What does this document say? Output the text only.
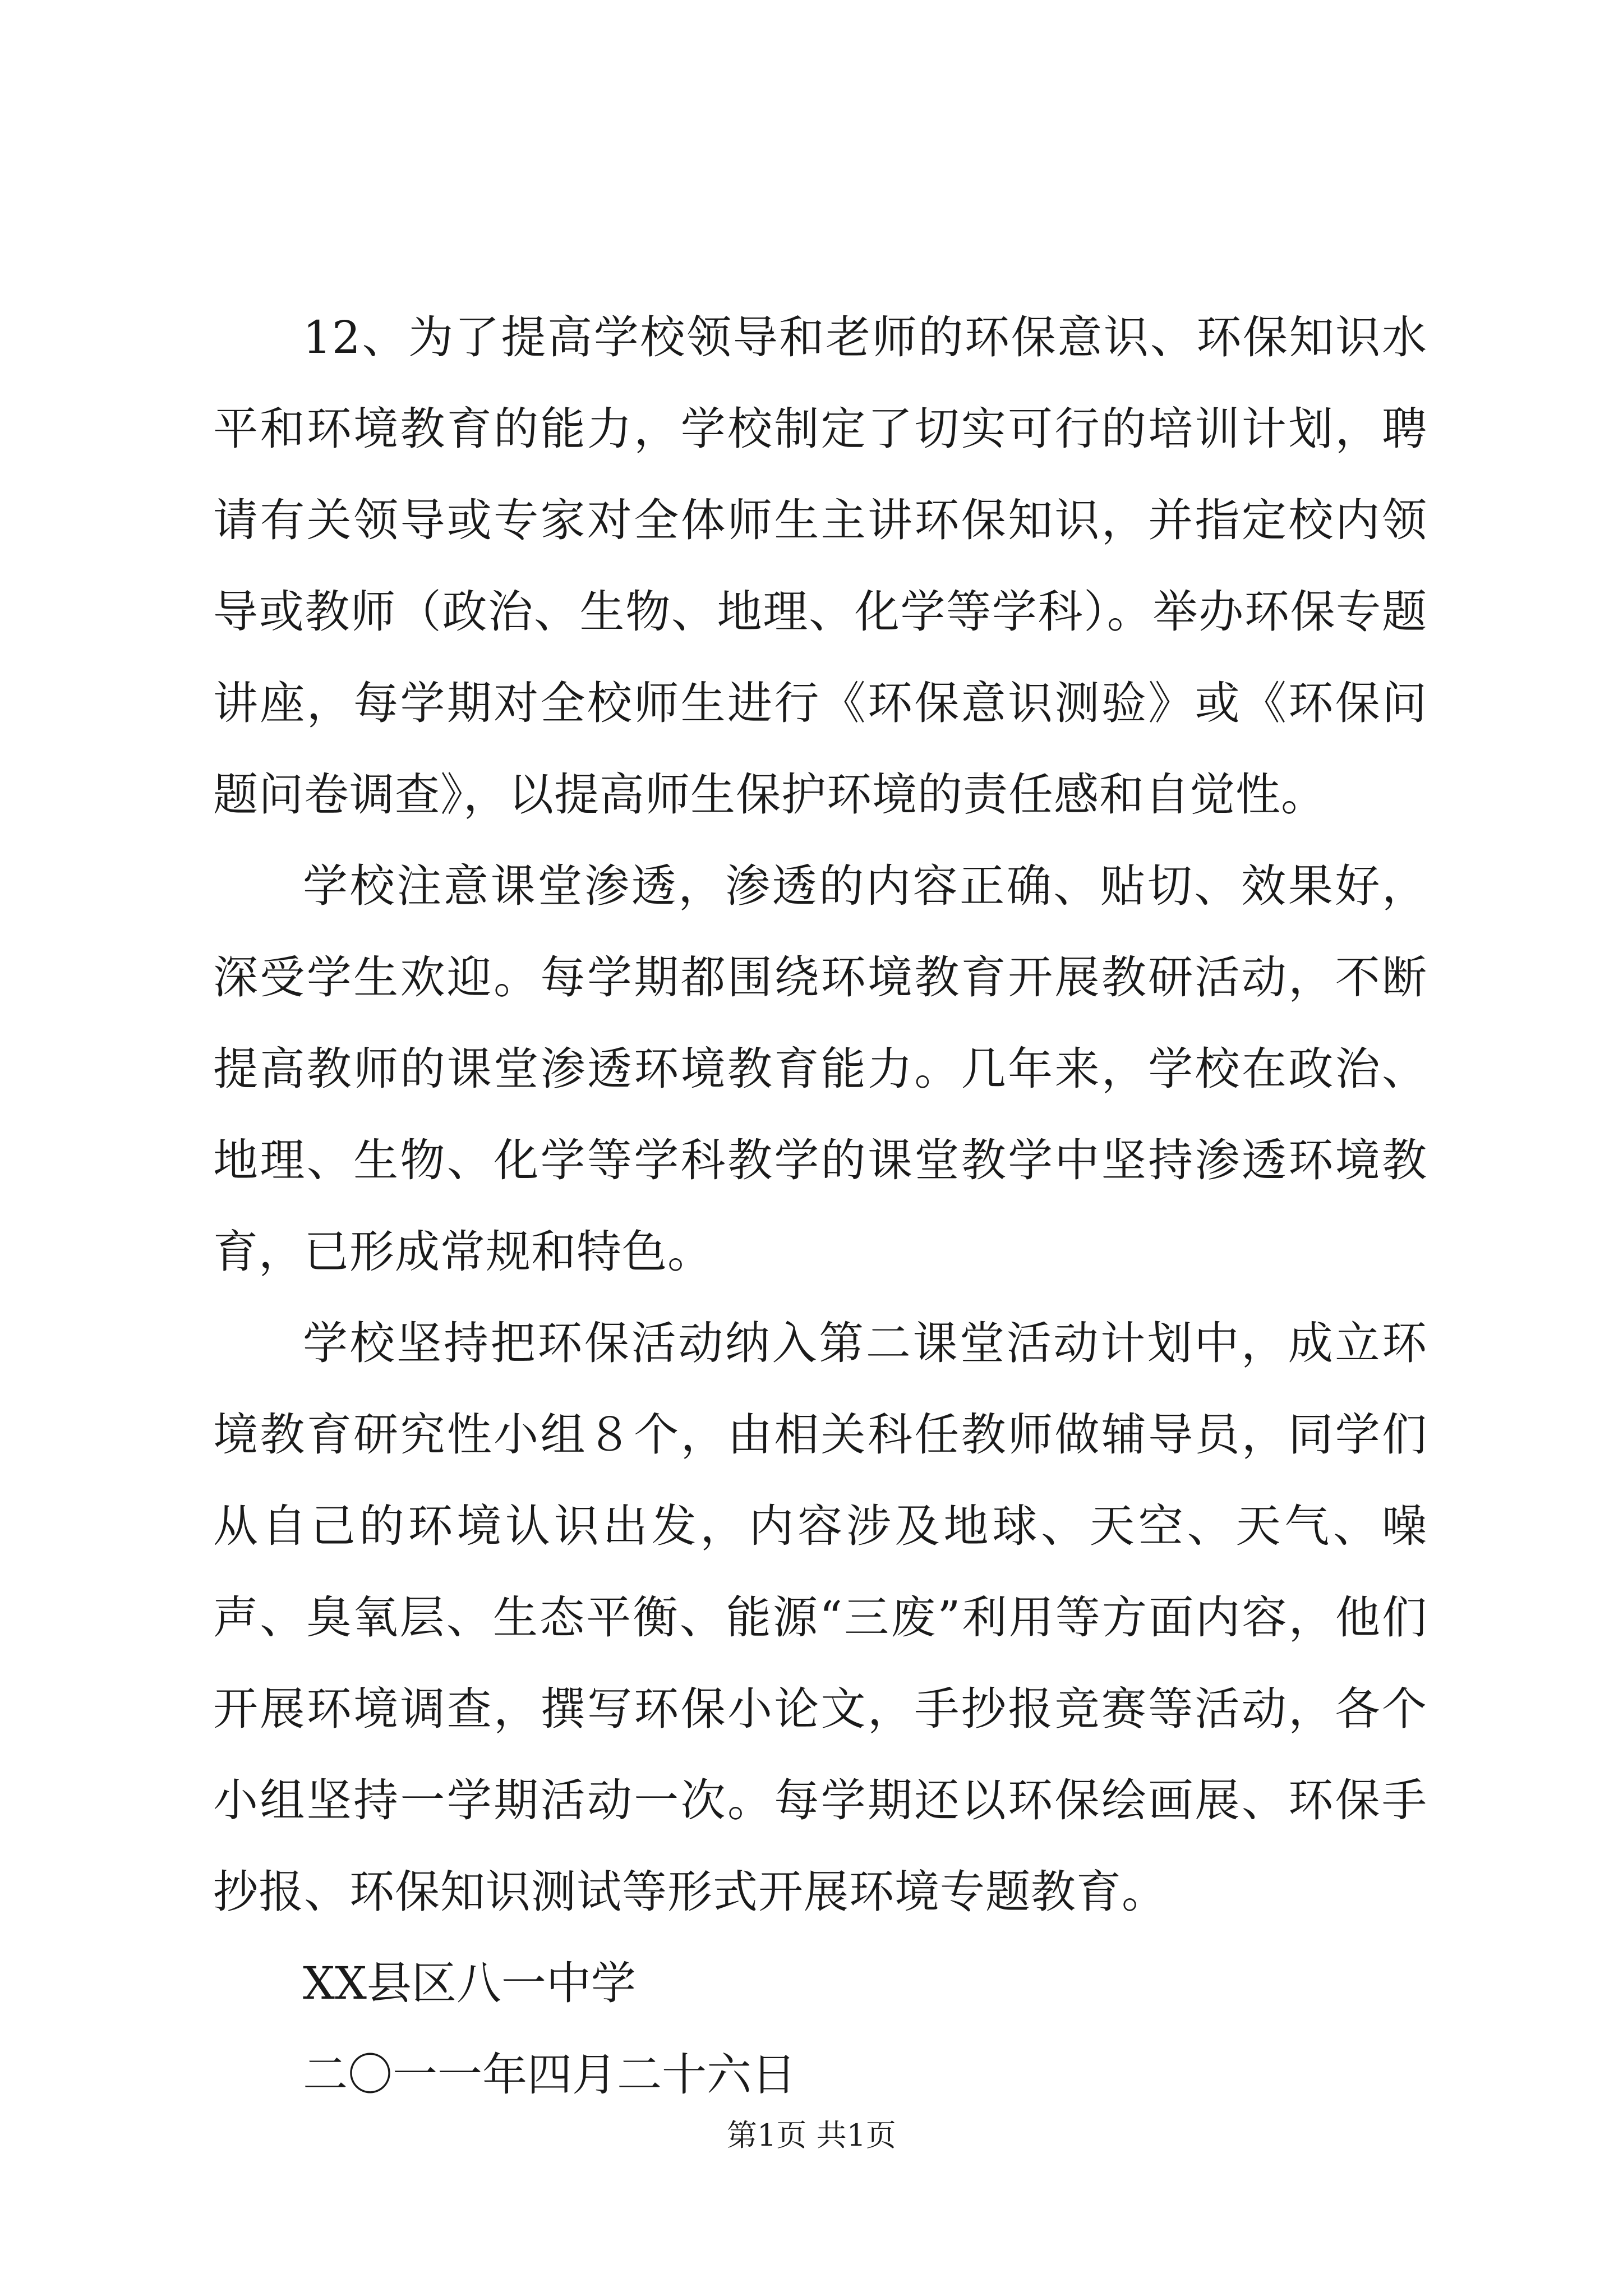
12、为了提高学校领导和老师的环保意识、环保知识水平和环境教育的能力，学校制定了切实可行的培训计划，聘请有关领导或专家对全体师生主讲环保知识，并指定校内领导或教师（政治、生物、地理、化学等学科）。举办环保专题讲座，每学期对全校师生进行《环保意识测验》或《环保问题问卷调查》，以提高师生保护环境的责任感和自觉性。

学校注意课堂渗透，渗透的内容正确、贴切、效果好，深受学生欢迎。每学期都围绕环境教育开展教研活动，不断提高教师的课堂渗透环境教育能力。几年来，学校在政治、地理、生物、化学等学科教学的课堂教学中坚持渗透环境教育，已形成常规和特色。

学校坚持把环保活动纳入第二课堂活动计划中，成立环境教育研究性小组８个，由相关科任教师做辅导员，同学们从自己的环境认识出发，内容涉及地球、天空、天气、噪声、臭氧层、生态平衡、能源“三废”利用等方面内容，他们开展环境调查，撰写环保小论文，手抄报竞赛等活动，各个小组坚持一学期活动一次。每学期还以环保绘画展、环保手抄报、环保知识测试等形式开展环境专题教育。

XX县区八一中学

二〇一一年四月二十六日

第1页 共1页
